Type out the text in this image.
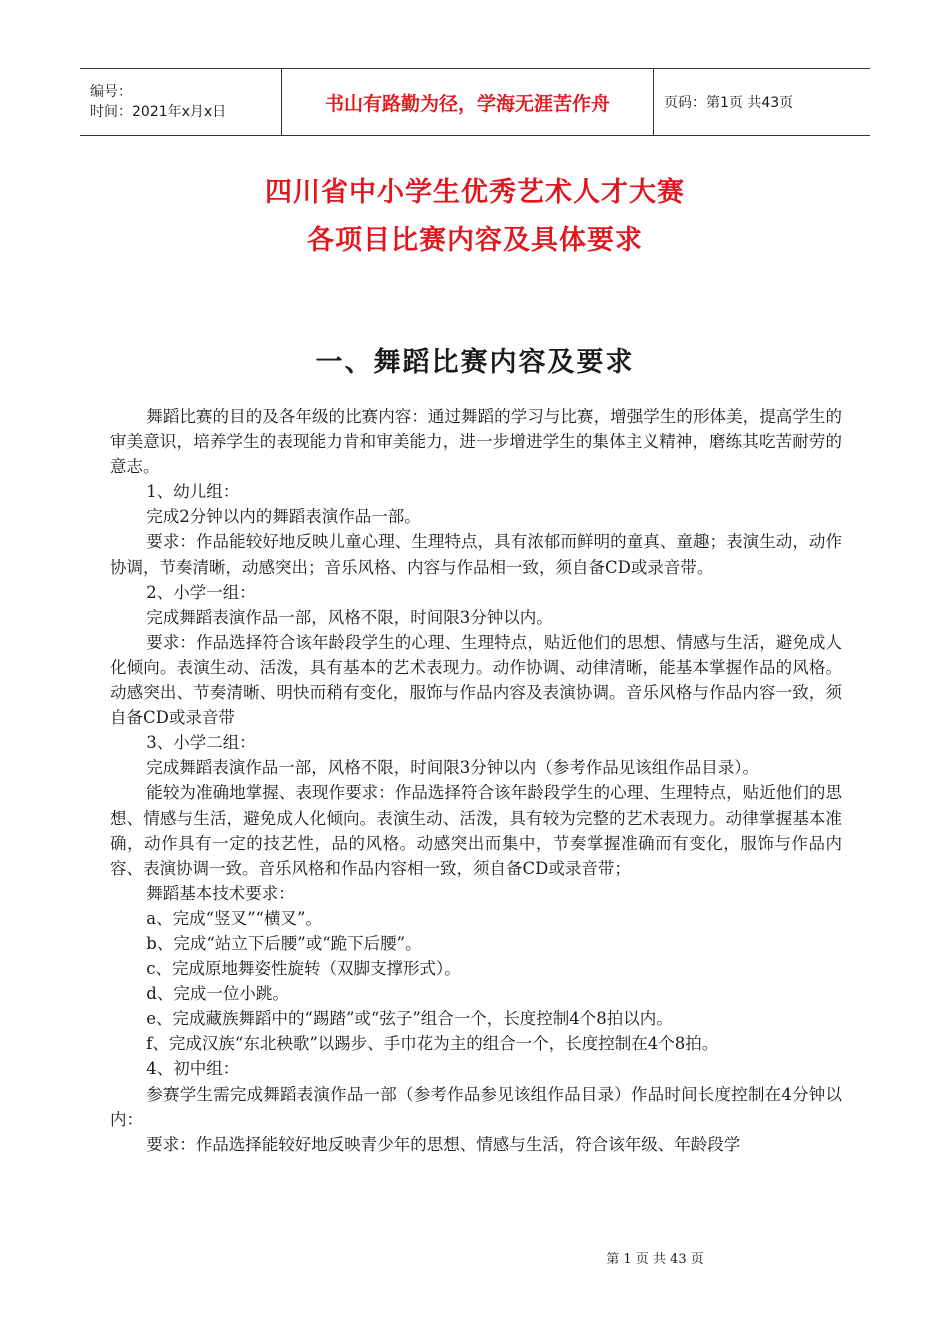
编号：
时间：2021年x月x日	书山有路勤为径，学海无涯苦作舟	页码：第1页 共43页
四川省中小学生优秀艺术人才大赛
各项目比赛内容及具体要求
一、舞蹈比赛内容及要求

舞蹈比赛的目的及各年级的比赛内容：通过舞蹈的学习与比赛，增强学生的形体美，提高学生的审美意识，培养学生的表现能力肯和审美能力，进一步增进学生的集体主义精神，磨练其吃苦耐劳的意志。

1、幼儿组：

完成2分钟以内的舞蹈表演作品一部。

要求：作品能较好地反映儿童心理、生理特点，具有浓郁而鲜明的童真、童趣；表演生动，动作协调，节奏清晰，动感突出；音乐风格、内容与作品相一致，须自备CD或录音带。

2、小学一组：

完成舞蹈表演作品一部，风格不限，时间限3分钟以内。

要求：作品选择符合该年龄段学生的心理、生理特点，贴近他们的思想、情感与生活，避免成人化倾向。表演生动、活泼，具有基本的艺术表现力。动作协调、动律清晰，能基本掌握作品的风格。动感突出、节奏清晰、明快而稍有变化，服饰与作品内容及表演协调。音乐风格与作品内容一致，须自备CD或录音带

3、小学二组：

完成舞蹈表演作品一部，风格不限，时间限3分钟以内（参考作品见该组作品目录）。

能较为准确地掌握、表现作要求：作品选择符合该年龄段学生的心理、生理特点，贴近他们的思想、情感与生活，避免成人化倾向。表演生动、活泼，具有较为完整的艺术表现力。动律掌握基本准确，动作具有一定的技艺性，品的风格。动感突出而集中，节奏掌握准确而有变化，服饰与作品内容、表演协调一致。音乐风格和作品内容相一致，须自备CD或录音带；

舞蹈基本技术要求：

a、完成“竖叉”“横叉”。

b、完成“站立下后腰”或“跪下后腰”。

c、完成原地舞姿性旋转（双脚支撑形式）。

d、完成一位小跳。

e、完成藏族舞蹈中的“踢踏”或“弦子”组合一个，长度控制4个8拍以内。

f、完成汉族“东北秧歌”以踢步、手巾花为主的组合一个，长度控制在4个8拍。

4、初中组：

参赛学生需完成舞蹈表演作品一部（参考作品参见该组作品目录）作品时间长度控制在4分钟以内：

要求：作品选择能较好地反映青少年的思想、情感与生活，符合该年级、年龄段学

第 1 页 共 43 页
